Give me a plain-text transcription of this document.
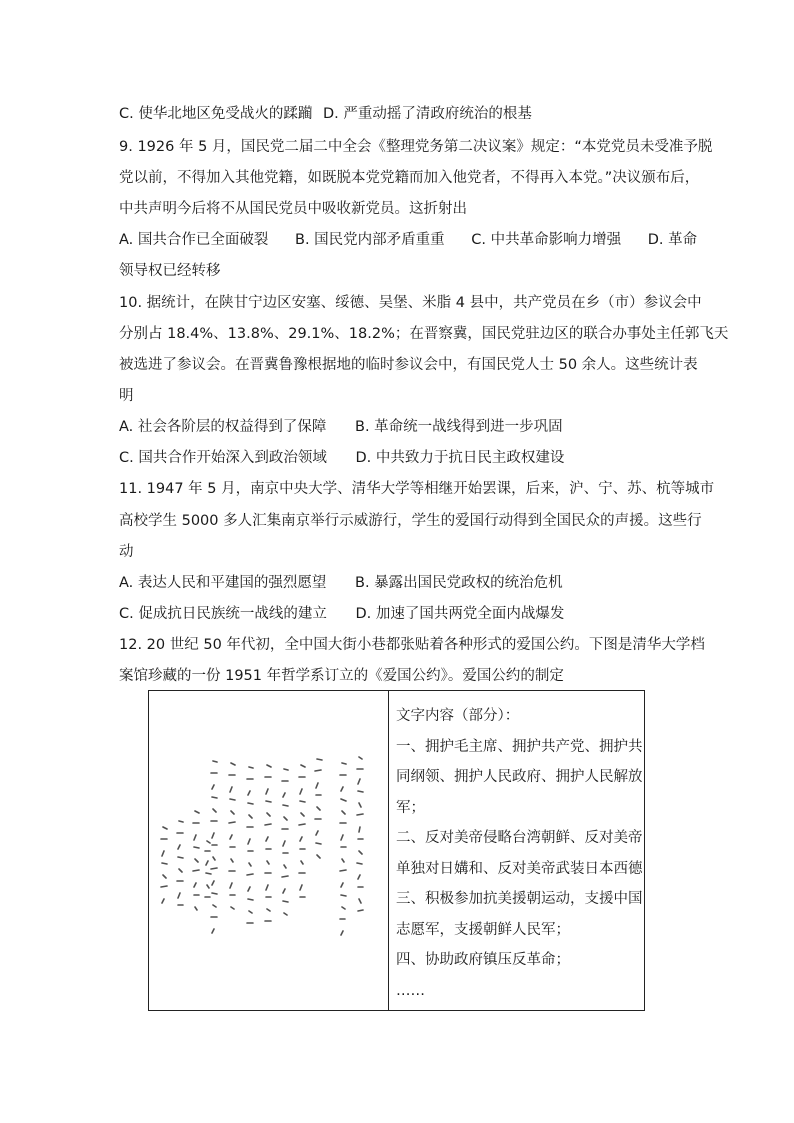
C. 使华北地区免受战火的蹂躏 D. 严重动摇了清政府统治的根基
9. 1926 年 5 月，国民党二届二中全会《整理党务第二决议案》规定：“本党党员未受准予脱
党以前，不得加入其他党籍，如既脱本党党籍而加入他党者，不得再入本党。”决议颁布后，
中共声明今后将不从国民党员中吸收新党员。这折射出
A. 国共合作已全面破裂 B. 国民党内部矛盾重重 C. 中共革命影响力增强 D. 革命
领导权已经转移
10. 据统计，在陕甘宁边区安塞、绥德、吴堡、米脂 4 县中，共产党员在乡（市）参议会中
分别占 18.4%、13.8%、29.1%、18.2%；在晋察冀，国民党驻边区的联合办事处主任郭飞天
被选进了参议会。在晋冀鲁豫根据地的临时参议会中，有国民党人士 50 余人。这些统计表
明
A. 社会各阶层的权益得到了保障 B. 革命统一战线得到进一步巩固
C. 国共合作开始深入到政治领域 D. 中共致力于抗日民主政权建设
11. 1947 年 5 月，南京中央大学、清华大学等相继开始罢课，后来，沪、宁、苏、杭等城市
高校学生 5000 多人汇集南京举行示威游行，学生的爱国行动得到全国民众的声援。这些行
动
A. 表达人民和平建国的强烈愿望 B. 暴露出国民党政权的统治危机
C. 促成抗日民族统一战线的建立 D. 加速了国共两党全面内战爆发
12. 20 世纪 50 年代初，全中国大街小巷都张贴着各种形式的爱国公约。下图是清华大学档
案馆珍藏的一份 1951 年哲学系订立的《爱国公约》。爱国公约的制定
文字内容（部分）：
一、拥护毛主席、拥护共产党、拥护共
同纲领、拥护人民政府、拥护人民解放
军；
二、反对美帝侵略台湾朝鲜、反对美帝
单独对日媾和、反对美帝武装日本西德
三、积极参加抗美援朝运动，支援中国
志愿军，支援朝鲜人民军；
四、协助政府镇压反革命；
……
